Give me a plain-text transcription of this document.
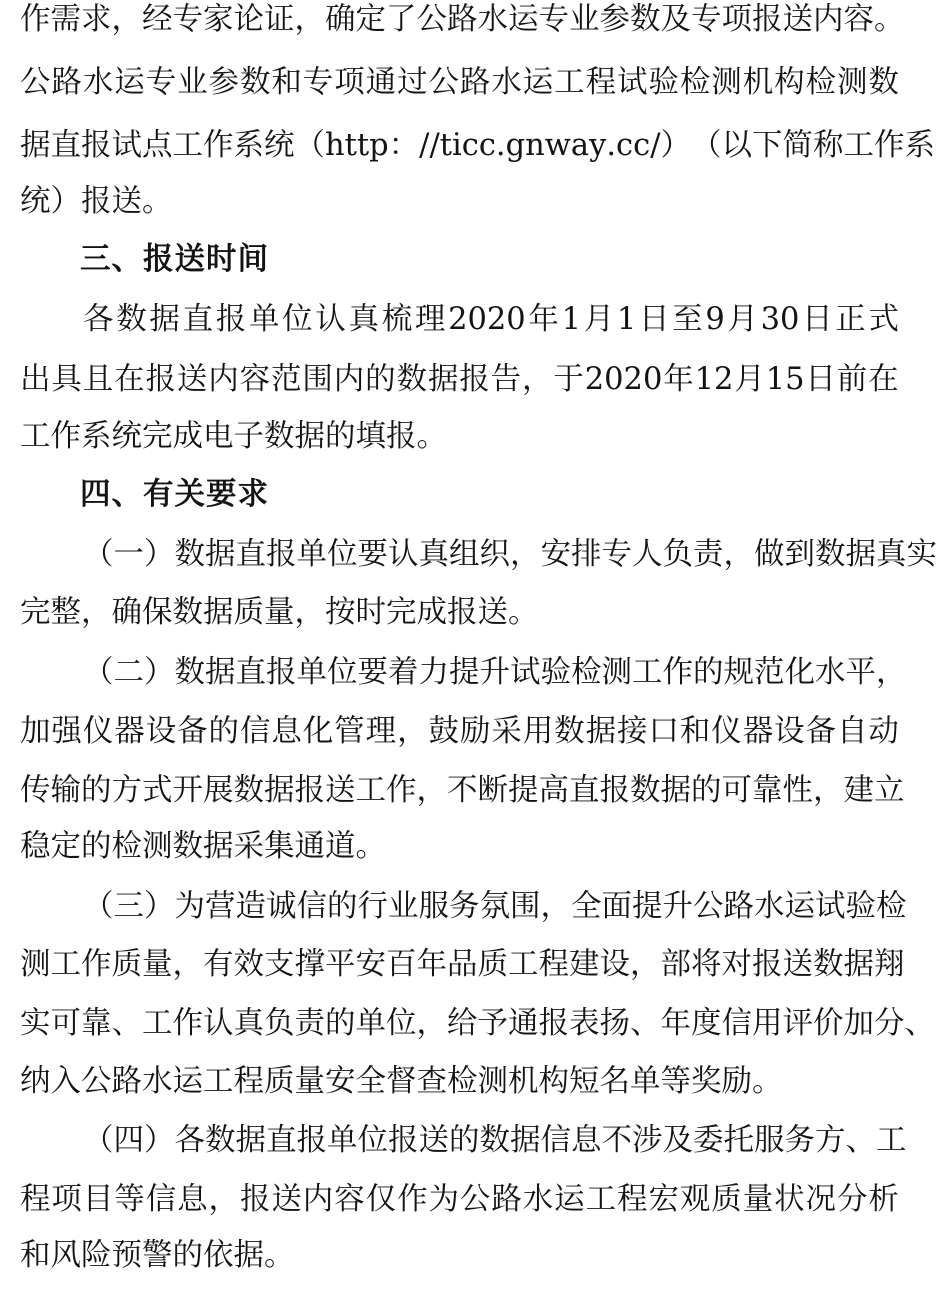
作 需 求 ， 经 专 家 论 证 ， 确 定 了 公 路 水 运 专 业 参 数 及 专 项 报 送 内 容 。
公 路 水 运 专 业 参 数 和 专 项 通 过 公 路 水 运 工 程 试 验 检 测 机 构 检 测 数
据 直 报 试 点 工 作 系 统 （ http：//ticc . gnway . cc/ ） （ 以 下 简 称 工 作 系
统）报送。
三、报送时间
各 数 据 直 报 单 位 认 真 梳 理 2020 年 1 月 1 日 至 9 月 30 日 正 式
出 具 且 在 报 送 内 容 范 围 内 的 数 据 报 告 ， 于 2020 年 12 月 15 日 前 在
工作系统完成电子数据的填报。
四、有关要求
（ 一 ） 数 据 直 报 单 位 要 认 真 组 织 ， 安 排 专 人 负 责 ， 做 到 数 据 真 实
完整，确保数据质量，按时完成报送。
（ 二 ） 数 据 直 报 单 位 要 着 力 提 升 试 验 检 测 工 作 的 规 范 化 水 平 ，
加 强 仪 器 设 备 的 信 息 化 管 理 ， 鼓 励 采 用 数 据 接 口 和 仪 器 设 备 自 动
传 输 的 方 式 开 展 数 据 报 送 工 作 ， 不 断 提 高 直 报 数 据 的 可 靠 性 ， 建 立
稳定的检测数据采集通道。
（ 三 ） 为 营 造 诚 信 的 行 业 服 务 氛 围 ， 全 面 提 升 公 路 水 运 试 验 检
测 工 作 质 量 ， 有 效 支 撑 平 安 百 年 品 质 工 程 建 设 ， 部 将 对 报 送 数 据 翔
实 可 靠 、 工 作 认 真 负 责 的 单 位 ， 给 予 通 报 表 扬 、 年 度 信 用 评 价 加 分 、
纳入公路水运工程质量安全督查检测机构短名单等奖励。
（ 四 ） 各 数 据 直 报 单 位 报 送 的 数 据 信 息 不 涉 及 委 托 服 务 方 、 工
程 项 目 等 信 息 ， 报 送 内 容 仅 作 为 公 路 水 运 工 程 宏 观 质 量 状 况 分 析
和风险预警的依据。
